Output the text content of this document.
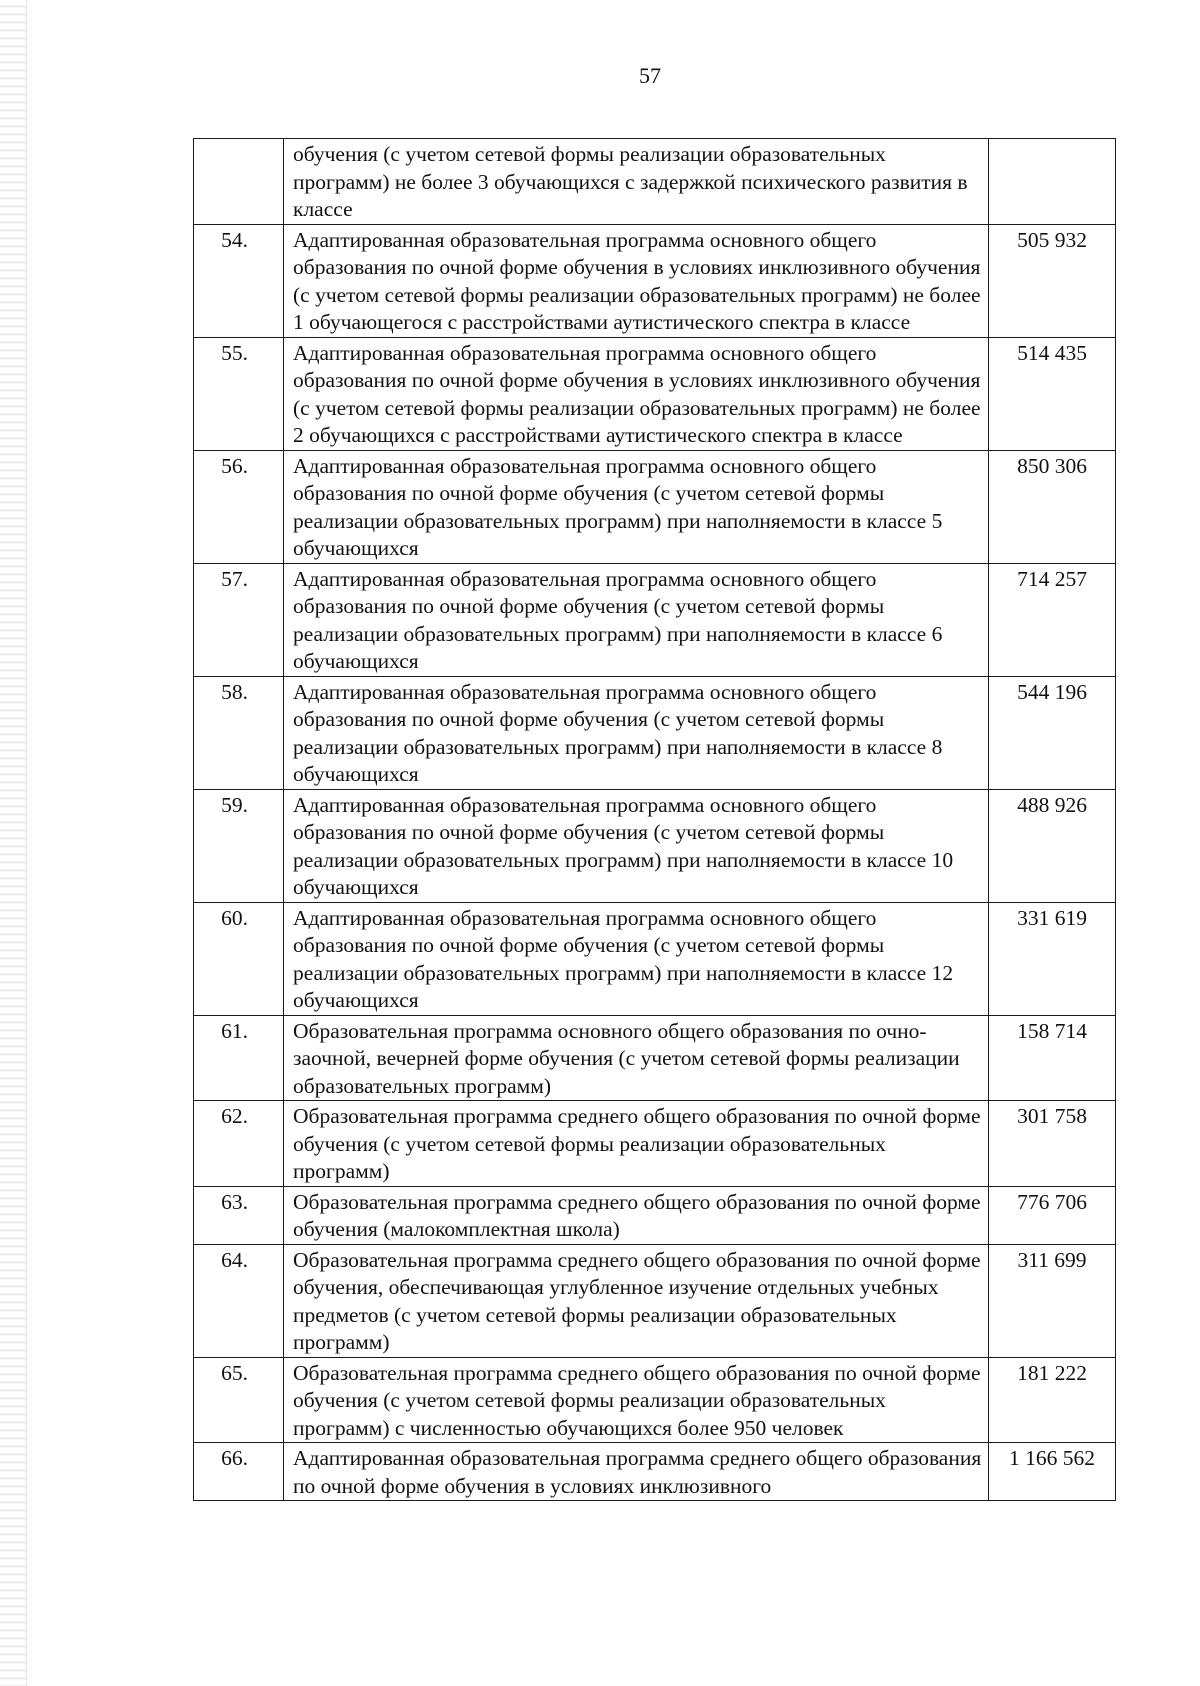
57
	обучения (с учетом сетевой формы реализации образовательных программ) не более 3 обучающихся с задержкой психического развития в классе	
54.	Адаптированная образовательная программа основного общего образования по очной форме обучения в условиях инклюзивного обучения (с учетом сетевой формы реализации образовательных программ) не более 1 обучающегося с расстройствами аутистического спектра в классе	505 932
55.	Адаптированная образовательная программа основного общего образования по очной форме обучения в условиях инклюзивного обучения (с учетом сетевой формы реализации образовательных программ) не более 2 обучающихся с расстройствами аутистического спектра в классе	514 435
56.	Адаптированная образовательная программа основного общего образования по очной форме обучения (с учетом сетевой формы реализации образовательных программ) при наполняемости в классе 5 обучающихся	850 306
57.	Адаптированная образовательная программа основного общего образования по очной форме обучения (с учетом сетевой формы реализации образовательных программ) при наполняемости в классе 6 обучающихся	714 257
58.	Адаптированная образовательная программа основного общего образования по очной форме обучения (с учетом сетевой формы реализации образовательных программ) при наполняемости в классе 8 обучающихся	544 196
59.	Адаптированная образовательная программа основного общего образования по очной форме обучения (с учетом сетевой формы реализации образовательных программ) при наполняемости в классе 10 обучающихся	488 926
60.	Адаптированная образовательная программа основного общего образования по очной форме обучения (с учетом сетевой формы реализации образовательных программ) при наполняемости в классе 12 обучающихся	331 619
61.	Образовательная программа основного общего образования по очно-заочной, вечерней форме обучения (с учетом сетевой формы реализации образовательных программ)	158 714
62.	Образовательная программа среднего общего образования по очной форме обучения (с учетом сетевой формы реализации образовательных программ)	301 758
63.	Образовательная программа среднего общего образования по очной форме обучения (малокомплектная школа)	776 706
64.	Образовательная программа среднего общего образования по очной форме обучения, обеспечивающая углубленное изучение отдельных учебных предметов (с учетом сетевой формы реализации образовательных программ)	311 699
65.	Образовательная программа среднего общего образования по очной форме обучения (с учетом сетевой формы реализации образовательных программ) с численностью обучающихся более 950 человек	181 222
66.	Адаптированная образовательная программа среднего общего образования по очной форме обучения в условиях инклюзивного	1 166 562
